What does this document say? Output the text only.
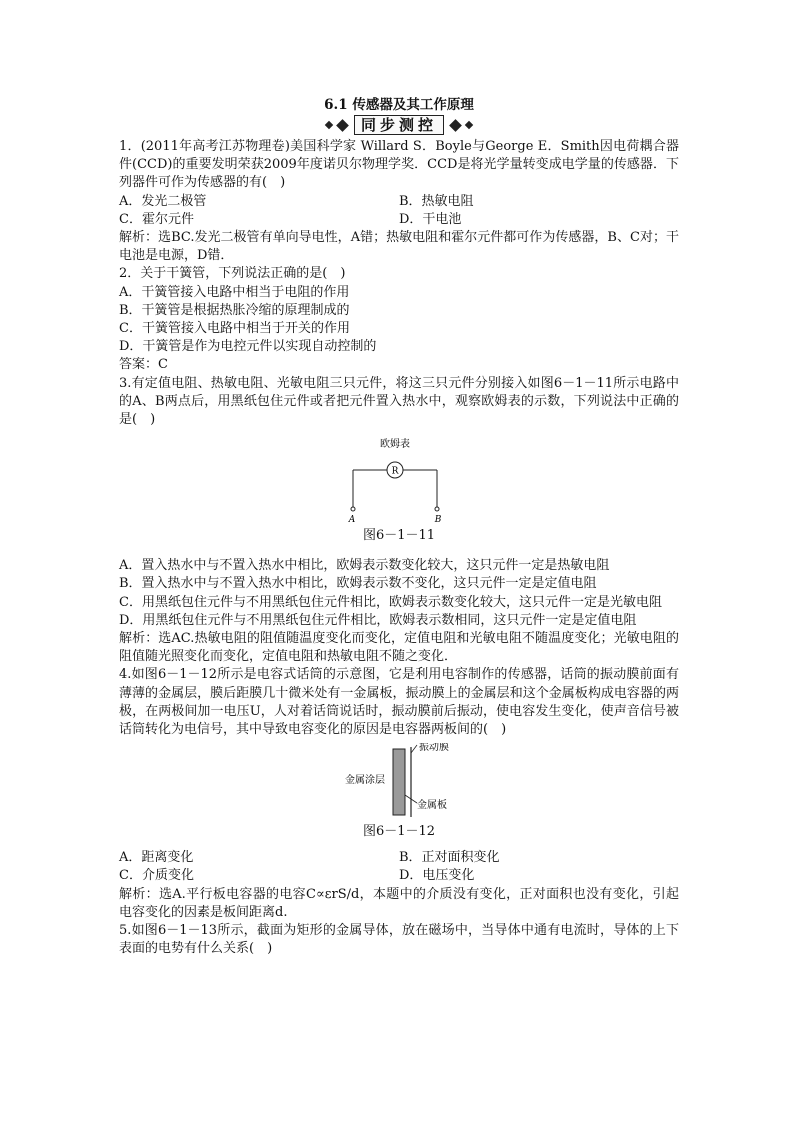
6.1 传感器及其工作原理
同步测控

1．(2011年高考江苏物理卷)美国科学家 Willard S．Boyle与George E．Smith因电荷耦合器件(CCD)的重要发明荣获2009年度诺贝尔物理学奖．CCD是将光学量转变成电学量的传感器．下列器件可作为传感器的有(　)

A．发光二极管	B．热敏电阻
C．霍尔元件	D．干电池

解析：选BC.发光二极管有单向导电性，A错；热敏电阻和霍尔元件都可作为传感器，B、C对；干电池是电源，D错．

2．关于干簧管，下列说法正确的是(　)

A．干簧管接入电路中相当于电阻的作用

B．干簧管是根据热胀冷缩的原理制成的

C．干簧管接入电路中相当于开关的作用

D．干簧管是作为电控元件以实现自动控制的

答案：C

3.有定值电阻、热敏电阻、光敏电阻三只元件，将这三只元件分别接入如图6－1－11所示电路中的A、B两点后，用黑纸包住元件或者把元件置入热水中，观察欧姆表的示数，下列说法中正确的是(　)

欧姆表
R
A	B
图6－1－11

A．置入热水中与不置入热水中相比，欧姆表示数变化较大，这只元件一定是热敏电阻

B．置入热水中与不置入热水中相比，欧姆表示数不变化，这只元件一定是定值电阻

C．用黑纸包住元件与不用黑纸包住元件相比，欧姆表示数变化较大，这只元件一定是光敏电阻

D．用黑纸包住元件与不用黑纸包住元件相比，欧姆表示数相同，这只元件一定是定值电阻

解析：选AC.热敏电阻的阻值随温度变化而变化，定值电阻和光敏电阻不随温度变化；光敏电阻的阻值随光照变化而变化，定值电阻和热敏电阻不随之变化．

4.如图6－1－12所示是电容式话筒的示意图，它是利用电容制作的传感器，话筒的振动膜前面有薄薄的金属层，膜后距膜几十微米处有一金属板，振动膜上的金属层和这个金属板构成电容器的两极，在两极间加一电压U，人对着话筒说话时，振动膜前后振动，使电容发生变化，使声音信号被话筒转化为电信号，其中导致电容变化的原因是电容器两板间的(　)

振动膜
金属涂层
金属板
图6－1－12
A．距离变化	B．正对面积变化
C．介质变化	D．电压变化

解析：选A.平行板电容器的电容C∝εrS/d，本题中的介质没有变化，正对面积也没有变化，引起电容变化的因素是板间距离d.

5.如图6－1－13所示，截面为矩形的金属导体，放在磁场中，当导体中通有电流时，导体的上下表面的电势有什么关系(　)
